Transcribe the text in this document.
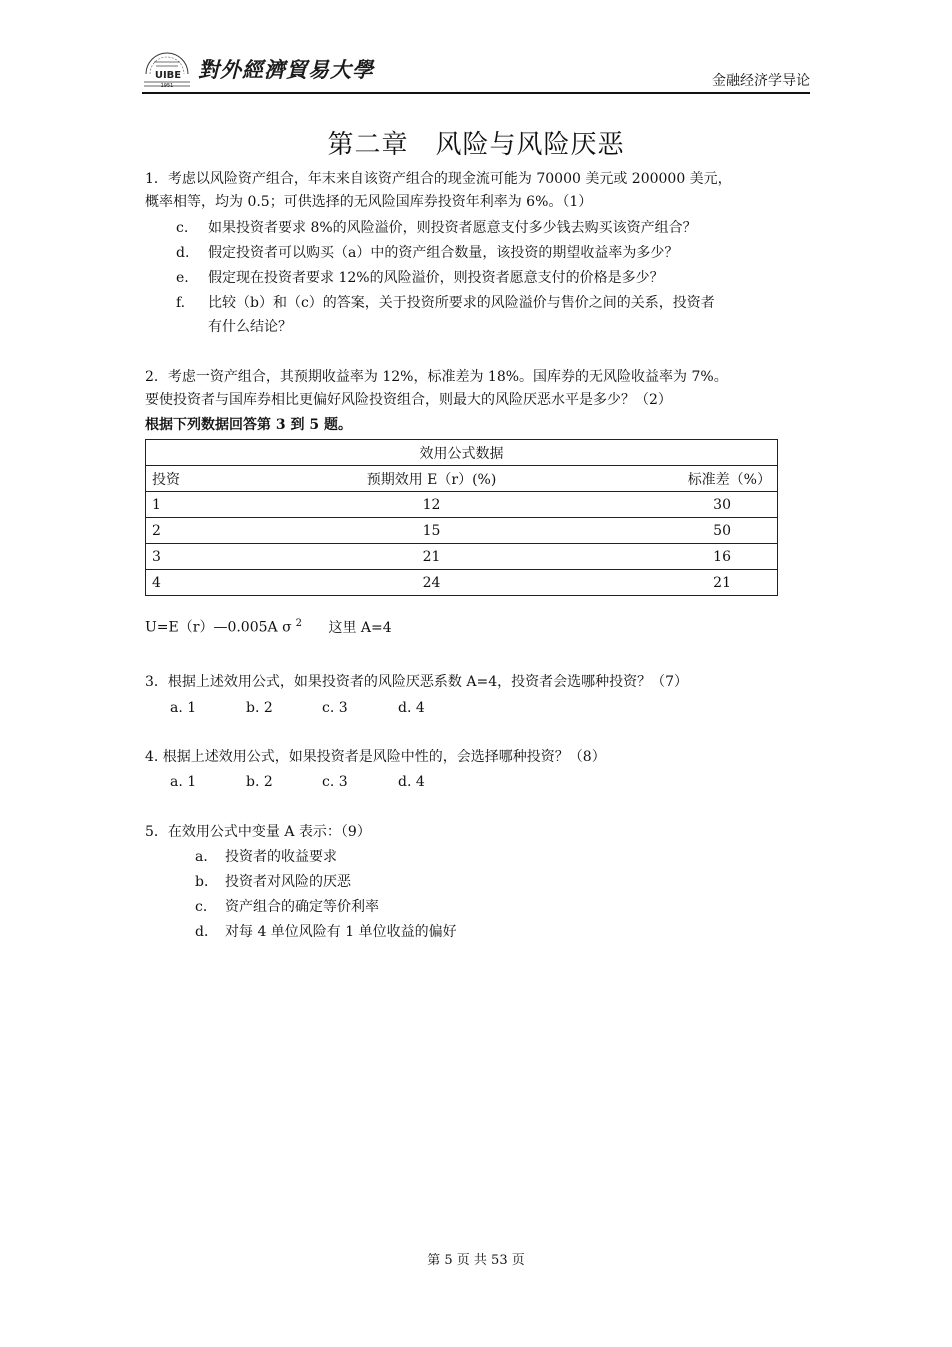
UIBE
1951
對外經濟貿易大學	金融经济学导论
第二章　风险与风险厌恶
1．考虑以风险资产组合，年末来自该资产组合的现金流可能为 70000 美元或 200000 美元，
概率相等，均为 0.5；可供选择的无风险国库券投资年利率为 6%。（1）
c. 如果投资者要求 8%的风险溢价，则投资者愿意支付多少钱去购买该资产组合？
d. 假定投资者可以购买（a）中的资产组合数量，该投资的期望收益率为多少？
e. 假定现在投资者要求 12%的风险溢价，则投资者愿意支付的价格是多少？
f. 比较（b）和（c）的答案，关于投资所要求的风险溢价与售价之间的关系，投资者
有什么结论？
2．考虑一资产组合，其预期收益率为 12%，标准差为 18%。国库券的无风险收益率为 7%。
要使投资者与国库券相比更偏好风险投资组合，则最大的风险厌恶水平是多少？（2）
根据下列数据回答第 3 到 5 题。
效用公式数据		
投资	预期效用 E（r）(%)	标准差（%）
1	12	30
2	15	50
3	21	16
4	24	21
U=E（r）—0.005A σ $^2$ 这里 A=4
3．根据上述效用公式，如果投资者的风险厌恶系数 A=4，投资者会选哪种投资？（7）
a. 1	b. 2	c. 3	d. 4
4. 根据上述效用公式，如果投资者是风险中性的，会选择哪种投资？（8）
a. 1	b. 2	c. 3	d. 4
5．在效用公式中变量 A 表示：（9）
a． 投资者的收益要求
b． 投资者对风险的厌恶
c． 资产组合的确定等价利率
d． 对每 4 单位风险有 1 单位收益的偏好
第 5 页 共 53 页
